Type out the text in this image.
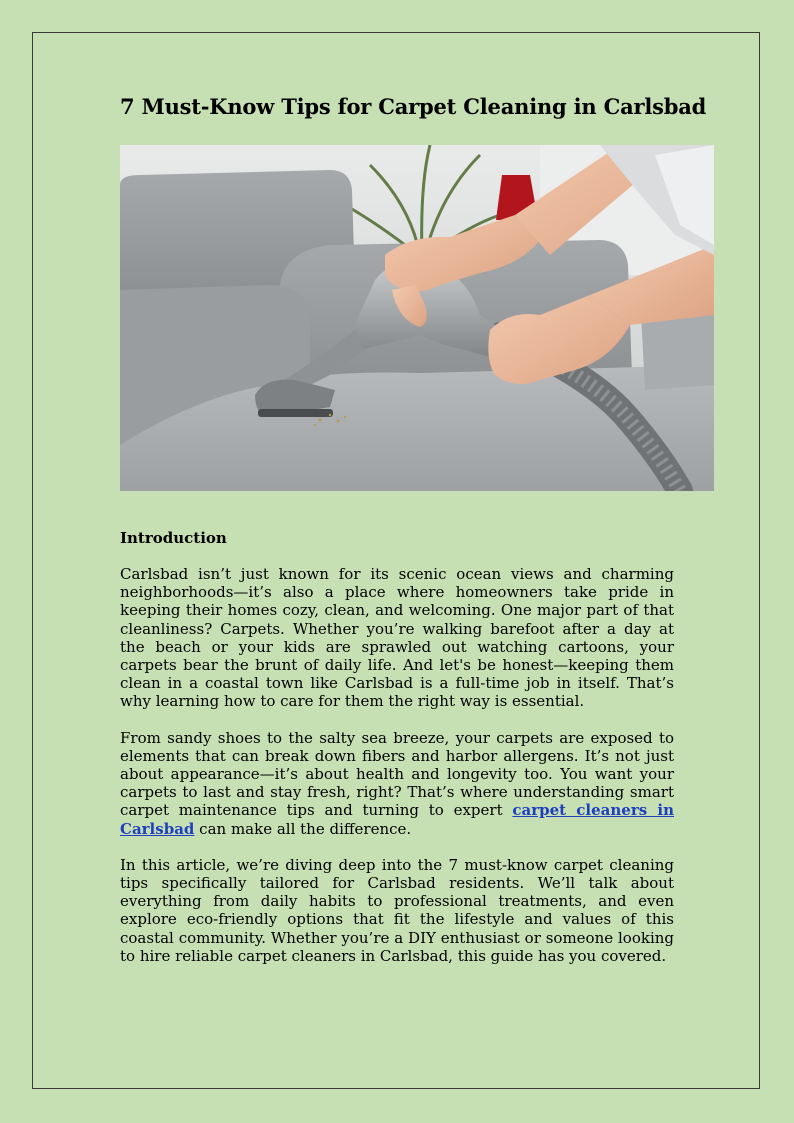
7 Must-Know Tips for Carpet Cleaning in Carlsbad
Introduction

Carlsbad isn’t just known for its scenic ocean views and charming neighborhoods—it’s also a place where homeowners take pride in keeping their homes cozy, clean, and welcoming. One major part of that cleanliness? Carpets. Whether you’re walking barefoot after a day at the beach or your kids are sprawled out watching cartoons, your carpets bear the brunt of daily life. And let's be honest—keeping them clean in a coastal town like Carlsbad is a full-time job in itself. That’s why learning how to care for them the right way is essential.

From sandy shoes to the salty sea breeze, your carpets are exposed to elements that can break down fibers and harbor allergens. It’s not just about appearance—it’s about health and longevity too. You want your carpets to last and stay fresh, right? That’s where understanding smart carpet maintenance tips and turning to expert carpet cleaners in Carlsbad can make all the difference.

In this article, we’re diving deep into the 7 must-know carpet cleaning tips specifically tailored for Carlsbad residents. We’ll talk about everything from daily habits to professional treatments, and even explore eco-friendly options that fit the lifestyle and values of this coastal community. Whether you’re a DIY enthusiast or someone looking to hire reliable carpet cleaners in Carlsbad, this guide has you covered.
